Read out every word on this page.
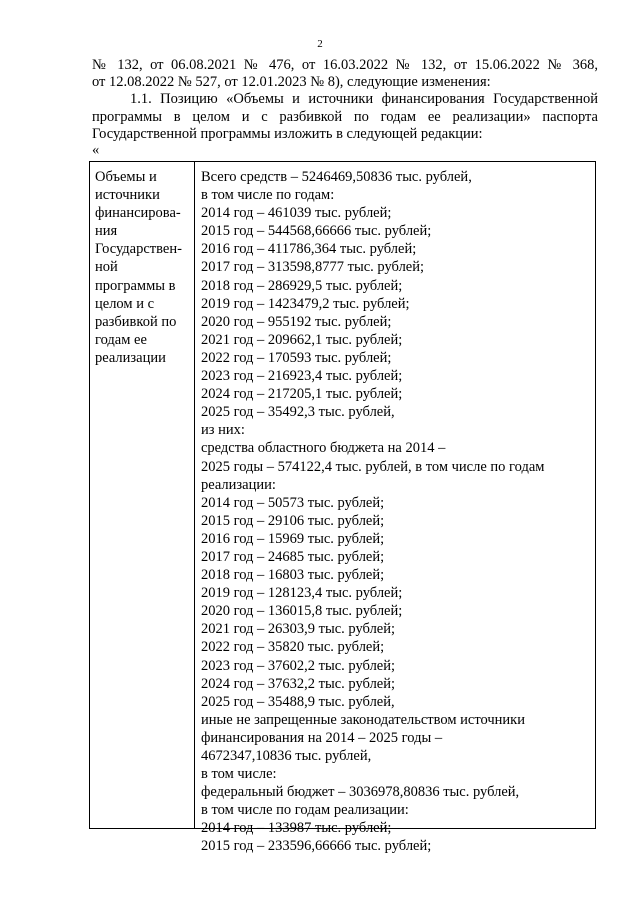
2

№ 132, от 06.08.2021 № 476, от 16.03.2022 № 132, от 15.06.2022 № 368,

от 12.08.2022 № 527, от 12.01.2023 № 8), следующие изменения:

1.1. Позицию «Объемы и источники финансирования Государственной

программы в целом и с разбивкой по годам ее реализации» паспорта

Государственной программы изложить в следующей редакции:

«
Объемы и
источники
финансирова-
ния
Государствен-
ной
программы в
целом и с
разбивкой по
годам ее
реализации
Всего средств – 5246469,50836 тыс. рублей,
в том числе по годам:
2014 год – 461039 тыс. рублей;
2015 год – 544568,66666 тыс. рублей;
2016 год – 411786,364 тыс. рублей;
2017 год – 313598,8777 тыс. рублей;
2018 год – 286929,5 тыс. рублей;
2019 год – 1423479,2 тыс. рублей;
2020 год – 955192 тыс. рублей;
2021 год – 209662,1 тыс. рублей;
2022 год – 170593 тыс. рублей;
2023 год – 216923,4 тыс. рублей;
2024 год – 217205,1 тыс. рублей;
2025 год – 35492,3 тыс. рублей,
из них:
средства областного бюджета на 2014 –
2025 годы – 574122,4 тыс. рублей, в том числе по годам
реализации:
2014 год – 50573 тыс. рублей;
2015 год – 29106 тыс. рублей;
2016 год – 15969 тыс. рублей;
2017 год – 24685 тыс. рублей;
2018 год – 16803 тыс. рублей;
2019 год – 128123,4 тыс. рублей;
2020 год – 136015,8 тыс. рублей;
2021 год – 26303,9 тыс. рублей;
2022 год – 35820 тыс. рублей;
2023 год – 37602,2 тыс. рублей;
2024 год – 37632,2 тыс. рублей;
2025 год – 35488,9 тыс. рублей,
иные не запрещенные законодательством источники
финансирования на 2014 – 2025 годы –
4672347,10836 тыс. рублей,
в том числе:
федеральный бюджет – 3036978,80836 тыс. рублей,
в том числе по годам реализации:
2014 год – 133987 тыс. рублей;
2015 год – 233596,66666 тыс. рублей;
